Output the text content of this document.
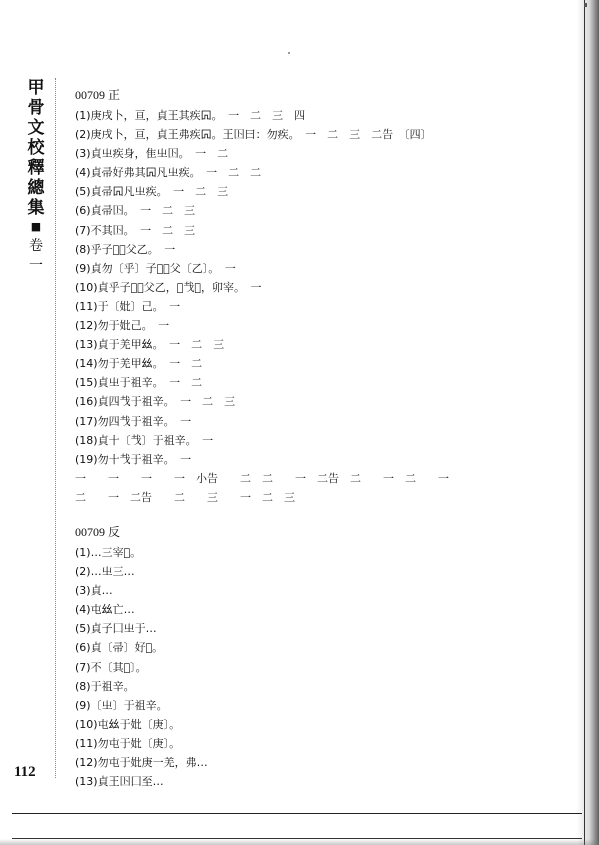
甲
骨
文
校
釋
總
集
■
卷
一
112
00709 正
(1)庚戌卜，亘，貞王其疾𠕄。　一　二　三　四
(2)庚戌卜，亘，貞王弗疾𠕄。王𡆥曰：勿疾。　一　二　三　二告　〔四〕
(3)貞㞢疾身，隹㞢𡆥。　一　二
(4)貞帚好弗其𠕄凡㞢疾。　一　二　二
(5)貞帚𠕄凡㞢疾。　一　二　三
(6)貞帚𡆥。　一　二　三
(7)不其𡆥。　一　二　三
(8)乎子𡧊𢆶父乙。　一
(9)貞勿〔乎〕子𡧊𢆶父〔乙〕。　一
(10)貞乎子𡧊𢆶父乙，𦎫𢦏𦝠，卯宰。　一
(11)于〔妣〕己。　一
(12)勿于妣己。　一
(13)貞于羌甲𢆶。　一　二　三
(14)勿于羌甲𢆶。　一　二
(15)貞㞢于祖辛。　一　二
(16)貞四𢦏于祖辛。　一　二　三
(17)勿四𢦏于祖辛。　一
(18)貞十〔𢦏〕于祖辛。　一
(19)勿十𢦏于祖辛。　一
一　　一　　一　　一　小告　　二　二　　一　二告　二　　一　二　　一
二　　一　二告　　二　　三　　一　二　三
00709 反
(1)…三宰𡧊。
(2)…㞢三…
(3)貞…
(4)屯𢆶亡…
(5)貞子囗㞢于…
(6)貞〔帚〕好𡧊。
(7)不〔其𡧊〕。
(8)于祖辛。
(9)〔㞢〕于祖辛。
(10)屯𢆶于妣〔庚〕。
(11)勿屯于妣〔庚〕。
(12)勿屯于妣庚一羌，弗…
(13)貞王𡆥囗至…
